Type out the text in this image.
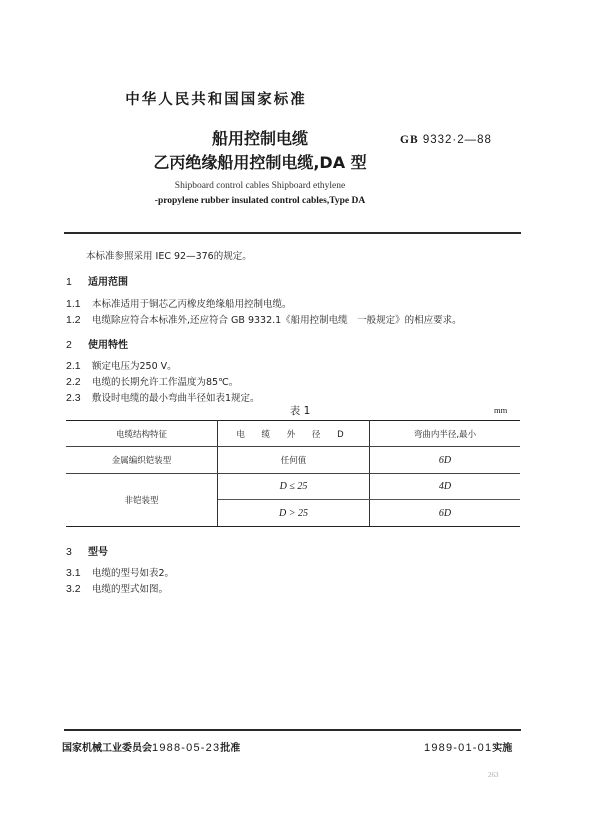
中华人民共和国国家标准
船用控制电缆
乙丙绝缘船用控制电缆,DA 型
GB 9332·2—88
Shipboard control cables Shipboard ethylene
-propylene rubber insulated control cables,Type DA
本标准参照采用 IEC 92—376的规定。
1 适用范围
1.1 本标准适用于铜芯乙丙橡皮绝缘船用控制电缆。
1.2 电缆除应符合本标准外,还应符合 GB 9332.1《船用控制电缆　一般规定》的相应要求。
2 使用特性
2.1 额定电压为250 V。
2.2 电缆的长期允许工作温度为85℃。
2.3 敷设时电缆的最小弯曲半径如表1规定。
表 1	mm
电缆结构特征	电 缆 外 径 D	弯曲内半径,最小
金属编织铠装型	任何值	6D
非铠装型	D ≤ 25	4D
	D > 25	6D
3 型号
3.1 电缆的型号如表2。
3.2 电缆的型式如图。
国家机械工业委员会1988-05-23批准	1989-01-01实施
263
